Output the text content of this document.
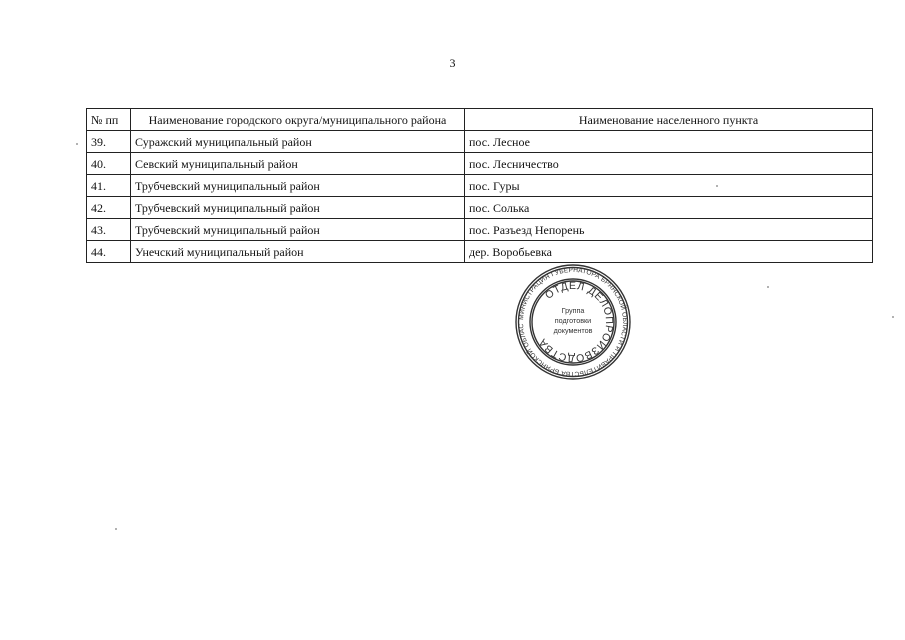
3
№ пп	Наименование городского округа/муниципального района	Наименование населенного пункта
39.	Суражский муниципальный район	пос. Лесное
40.	Севский муниципальный район	пос. Лесничество
41.	Трубчевский муниципальный район	пос. Гуры
42.	Трубчевский муниципальный район	пос. Солька
43.	Трубчевский муниципальный район	пос. Разъезд Непорень
44.	Унечский муниципальный район	дер. Воробьевка
МИНИСТРАЦИЯ ГУБЕРНАТОРА БРЯНСКОЙ ОБЛАСТИ И ПРАВИТЕЛЬСТВА БРЯНСКОЙ ОБЛАС
ОТДЕЛ ДЕЛОПРОИЗВОДСТВА
Группа
подготовки
документов
